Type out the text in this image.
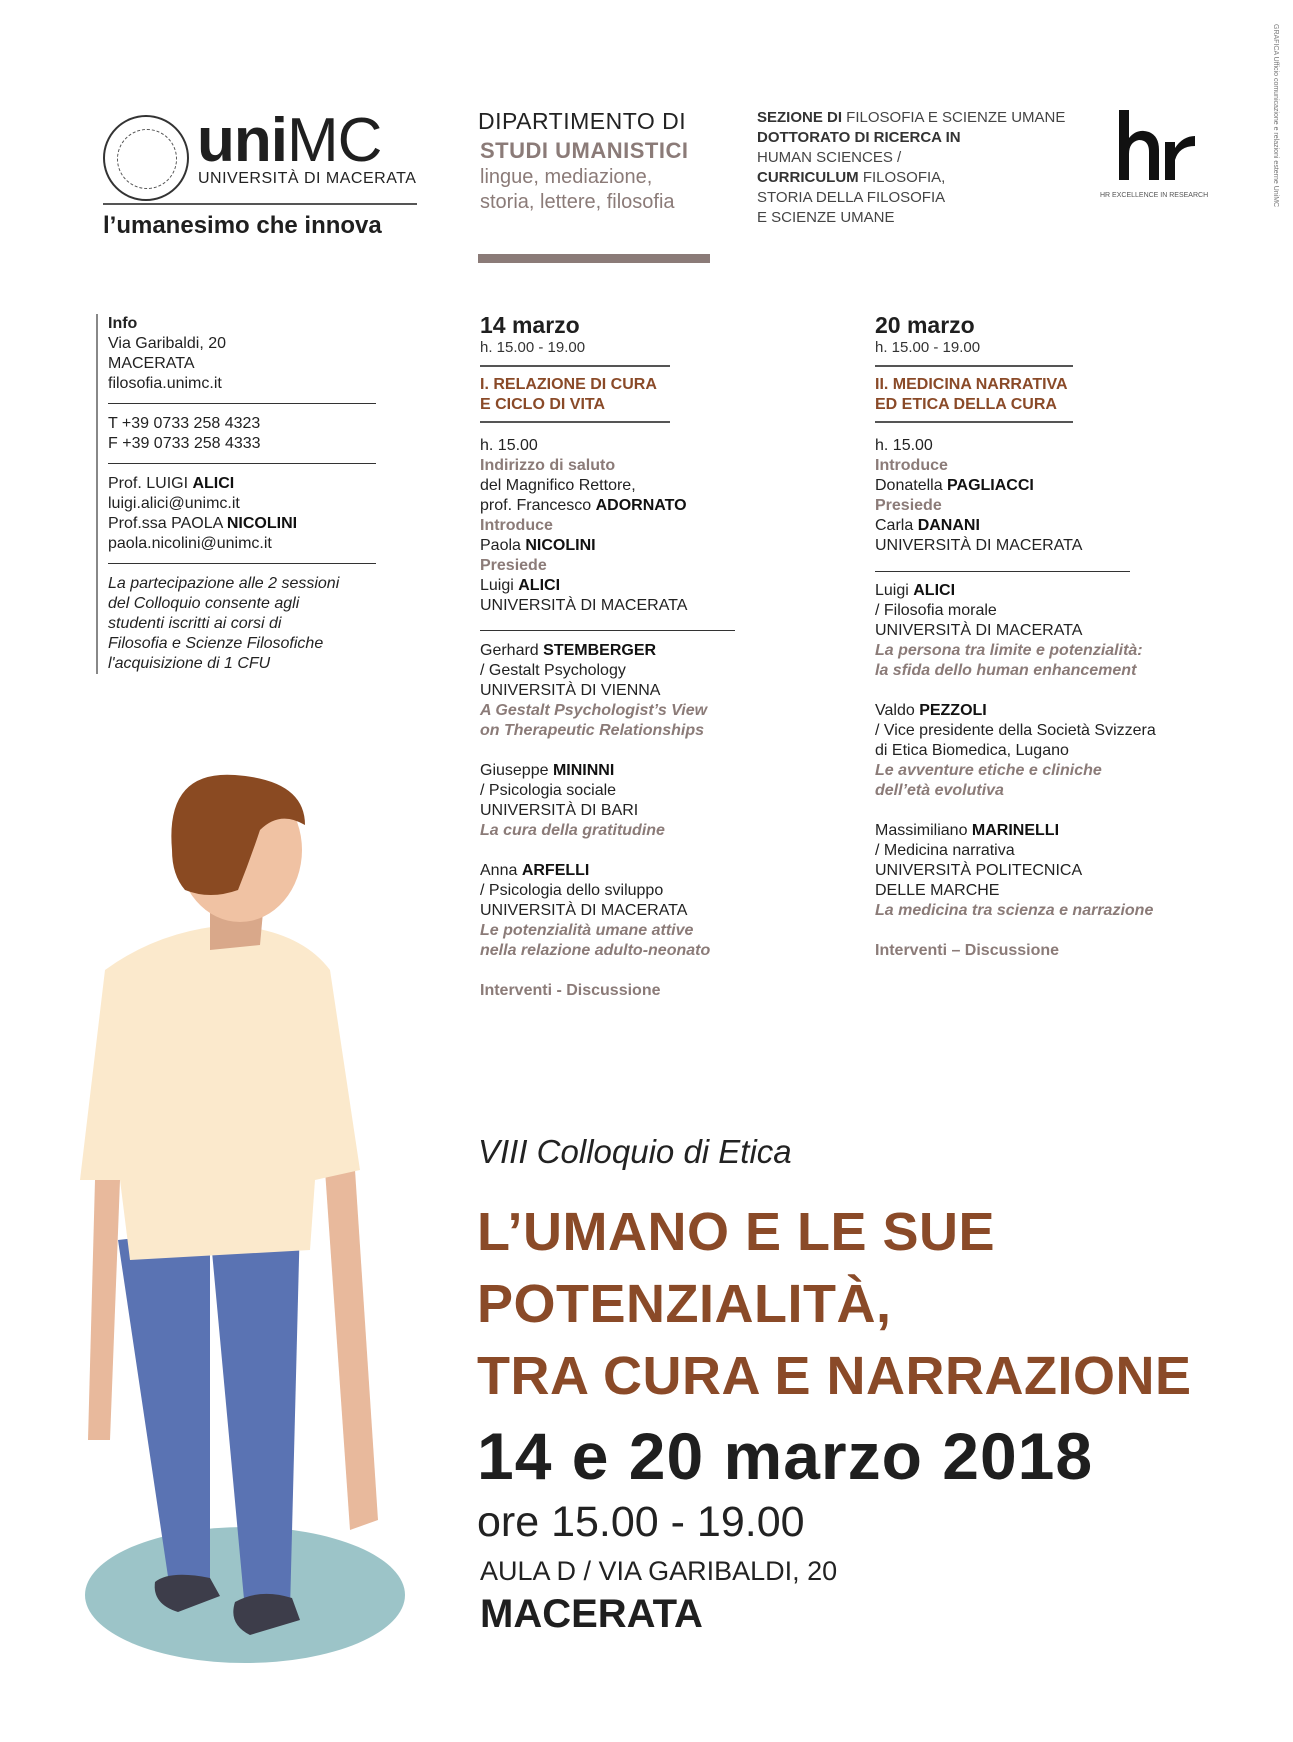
uniMC
UNIVERSITÀ DI MACERATA
l’umanesimo che innova
DIPARTIMENTO DI
STUDI UMANISTICI
lingue, mediazione,
storia, lettere, filosofia
SEZIONE DI FILOSOFIA E SCIENZE UMANE
DOTTORATO DI RICERCA IN
HUMAN SCIENCES /
CURRICULUM FILOSOFIA,
STORIA DELLA FILOSOFIA
E SCIENZE UMANE
HR EXCELLENCE IN RESEARCH	GRAFICA Ufficio comunicazione e relazioni esterne UniMC
Info
Via Garibaldi, 20
MACERATA
filosofia.unimc.it
T +39 0733 258 4323
F +39 0733 258 4333
Prof. LUIGI ALICI
luigi.alici@unimc.it
Prof.ssa PAOLA NICOLINI
paola.nicolini@unimc.it
La partecipazione alle 2 sessioni
del Colloquio consente agli
studenti iscritti ai corsi di
Filosofia e Scienze Filosofiche
l'acquisizione di 1 CFU
14 marzo
h. 15.00 - 19.00
I. RELAZIONE DI CURA
E CICLO DI VITA
h. 15.00
Indirizzo di saluto
del Magnifico Rettore,
prof. Francesco ADORNATO
Introduce
Paola NICOLINI
Presiede
Luigi ALICI
UNIVERSITÀ DI MACERATA
Gerhard STEMBERGER
/ Gestalt Psychology
UNIVERSITÀ DI VIENNA
A Gestalt Psychologist’s View
on Therapeutic Relationships
Giuseppe MININNI
/ Psicologia sociale
UNIVERSITÀ DI BARI
La cura della gratitudine
Anna ARFELLI
/ Psicologia dello sviluppo
UNIVERSITÀ DI MACERATA
Le potenzialità umane attive
nella relazione adulto-neonato
Interventi - Discussione
20 marzo
h. 15.00 - 19.00
II. MEDICINA NARRATIVA
ED ETICA DELLA CURA
h. 15.00
Introduce
Donatella PAGLIACCI
Presiede
Carla DANANI
UNIVERSITÀ DI MACERATA
Luigi ALICI
/ Filosofia morale
UNIVERSITÀ DI MACERATA
La persona tra limite e potenzialità:
la sfida dello human enhancement
Valdo PEZZOLI
/ Vice presidente della Società Svizzera
di Etica Biomedica, Lugano
Le avventure etiche e cliniche
dell’età evolutiva
Massimiliano MARINELLI
/ Medicina narrativa
UNIVERSITÀ POLITECNICA
DELLE MARCHE
La medicina tra scienza e narrazione
Interventi – Discussione
VIII Colloquio di Etica
L’UMANO E LE SUE
POTENZIALITÀ,
TRA CURA E NARRAZIONE
14 e 20 marzo 2018
ore 15.00 - 19.00
AULA D / VIA GARIBALDI, 20
MACERATA
